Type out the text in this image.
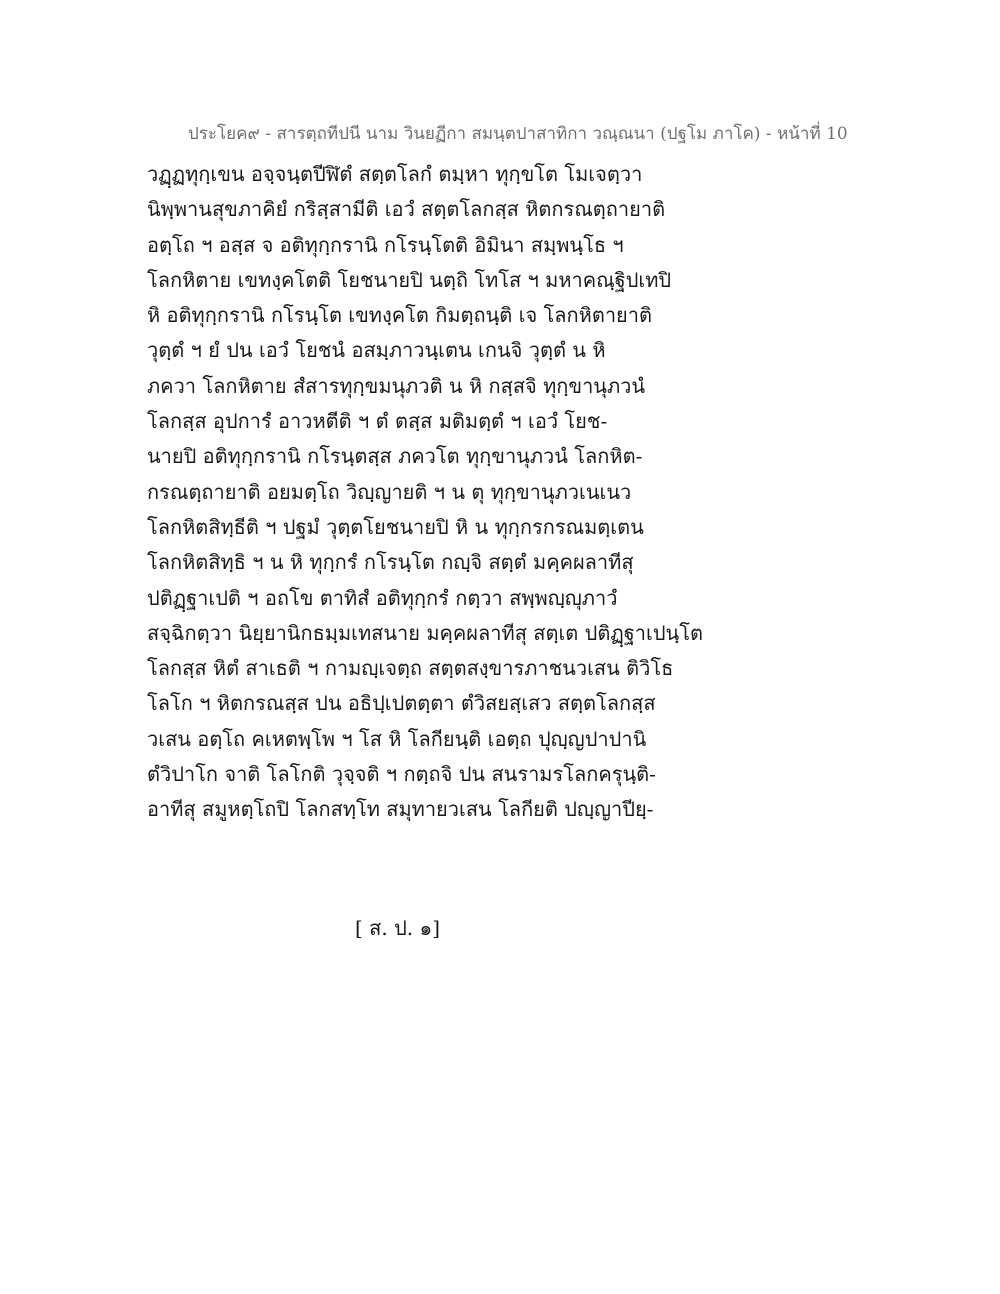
ประโยค๙ - สารตฺถทีปนี นาม วินยฏีกา สมนฺตปาสาทิกา วณฺณนา (ปฐโม ภาโค) - หน้าที่ 10
วฏฺฏทุกฺเขน อจฺจนฺตปีฬิตํ สตฺตโลกํ ตมฺหา ทุกฺขโต โมเจตฺวา
นิพฺพานสุขภาคิยํ กริสฺสามีติ เอวํ สตฺตโลกสฺส หิตกรณตฺถายาติ
อตฺโถ ฯ อสฺส จ อติทุกฺกรานิ กโรนฺโตติ อิมินา สมฺพนฺโธ ฯ
โลกหิตาย เขทงฺคโตติ โยชนายปิ นตฺถิ โทโส ฯ มหาคณฺฐิปเทปิ
หิ อติทุกฺกรานิ กโรนฺโต เขทงฺคโต กิมตฺถนฺติ เจ โลกหิตายาติ
วุตฺตํ ฯ ยํ ปน เอวํ โยชนํ อสมฺภาวนฺเตน เกนจิ วุตฺตํ น หิ
ภควา โลกหิตาย สํสารทุกฺขมนุภวติ น หิ กสฺสจิ ทุกฺขานุภวนํ
โลกสฺส อุปการํ อาวหตีติ ฯ ตํ ตสฺส มติมตฺตํ ฯ เอวํ โยช-
นายปิ อติทุกฺกรานิ กโรนฺตสฺส ภควโต ทุกฺขานุภวนํ โลกหิต-
กรณตฺถายาติ อยมตฺโถ วิญฺญายติ ฯ น ตุ ทุกฺขานุภวเนเนว
โลกหิตสิทฺธีติ ฯ ปฐมํ วุตฺตโยชนายปิ หิ น ทุกฺกรกรณมตฺเตน
โลกหิตสิทฺธิ ฯ น หิ ทุกฺกรํ กโรนฺโต กญฺจิ สตฺตํ มคฺคผลาทีสุ
ปติฏฺฐาเปติ ฯ อถโข ตาทิสํ อติทุกฺกรํ กตฺวา สพฺพญฺญุภาวํ
สจฺฉิกตฺวา นิยฺยานิกธมฺมเทสนาย มคฺคผลาทีสุ สตฺเต ปติฏฺฐาเปนฺโต
โลกสฺส หิตํ สาเธติ ฯ กามญฺเจตฺถ สตฺตสงฺขารภาชนวเสน ติวิโธ
โลโก ฯ หิตกรณสฺส ปน อธิปฺเปตตฺตา ตํวิสยสฺเสว สตฺตโลกสฺส
วเสน อตฺโถ คเหตพฺโพ ฯ โส หิ โลกียนฺติ เอตฺถ ปุญฺญปาปานิ
ตํวิปาโก จาติ โลโกติ วุจฺจติ ฯ กตฺถจิ ปน สนรามรโลกครุนฺติ-
อาทีสุ สมูหตฺโถปิ โลกสทฺโท สมุทายวเสน โลกียติ ปญฺญาปียฺ-
[ ส. ป. ๑]
